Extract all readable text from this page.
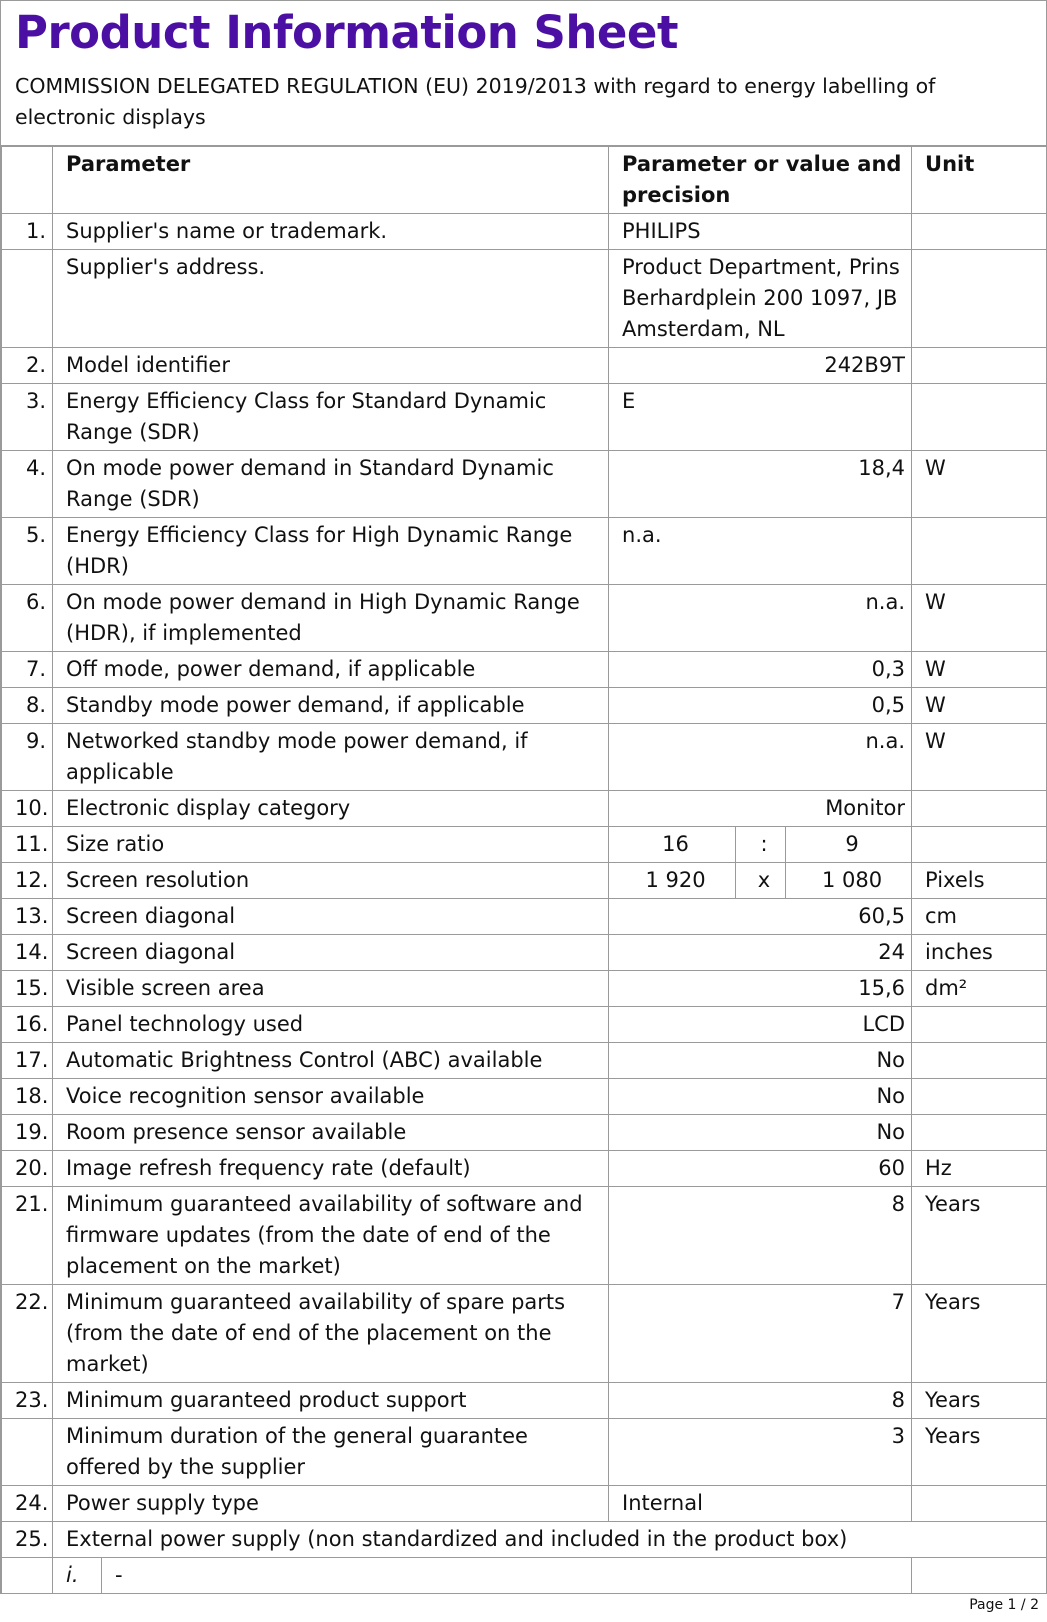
Product Information Sheet
COMMISSION DELEGATED REGULATION (EU) 2019/2013 with regard to energy labelling of electronic displays
	Parameter		Parameter or value and precision			Unit
1.	Supplier's name or trademark.		PHILIPS			
	Supplier's address.		Product Department, Prins Berhardplein 200 1097, JB Amsterdam, NL			
2.	Model identifier		242B9T			
3.	Energy Efficiency Class for Standard Dynamic Range (SDR)		E			
4.	On mode power demand in Standard Dynamic Range (SDR)		18,4			W
5.	Energy Efficiency Class for High Dynamic Range (HDR)		n.a.			
6.	On mode power demand in High Dynamic Range (HDR), if implemented		n.a.			W
7.	Off mode, power demand, if applicable		0,3			W
8.	Standby mode power demand, if applicable		0,5			W
9.	Networked standby mode power demand, if applicable		n.a.			W
10.	Electronic display category		Monitor			
11.	Size ratio		16	:	9	
12.	Screen resolution		1 920	x	1 080	Pixels
13.	Screen diagonal		60,5			cm
14.	Screen diagonal		24			inches
15.	Visible screen area		15,6			dm²
16.	Panel technology used		LCD			
17.	Automatic Brightness Control (ABC) available		No			
18.	Voice recognition sensor available		No			
19.	Room presence sensor available		No			
20.	Image refresh frequency rate (default)		60			Hz
21.	Minimum guaranteed availability of software and firmware updates (from the date of end of the placement on the market)		8			Years
22.	Minimum guaranteed availability of spare parts (from the date of end of the placement on the market)		7			Years
23.	Minimum guaranteed product support		8			Years
	Minimum duration of the general guarantee offered by the supplier		3			Years
24.	Power supply type		Internal			
25.	External power supply (non standardized and included in the product box)					
	i.	-				
Page 1 / 2
